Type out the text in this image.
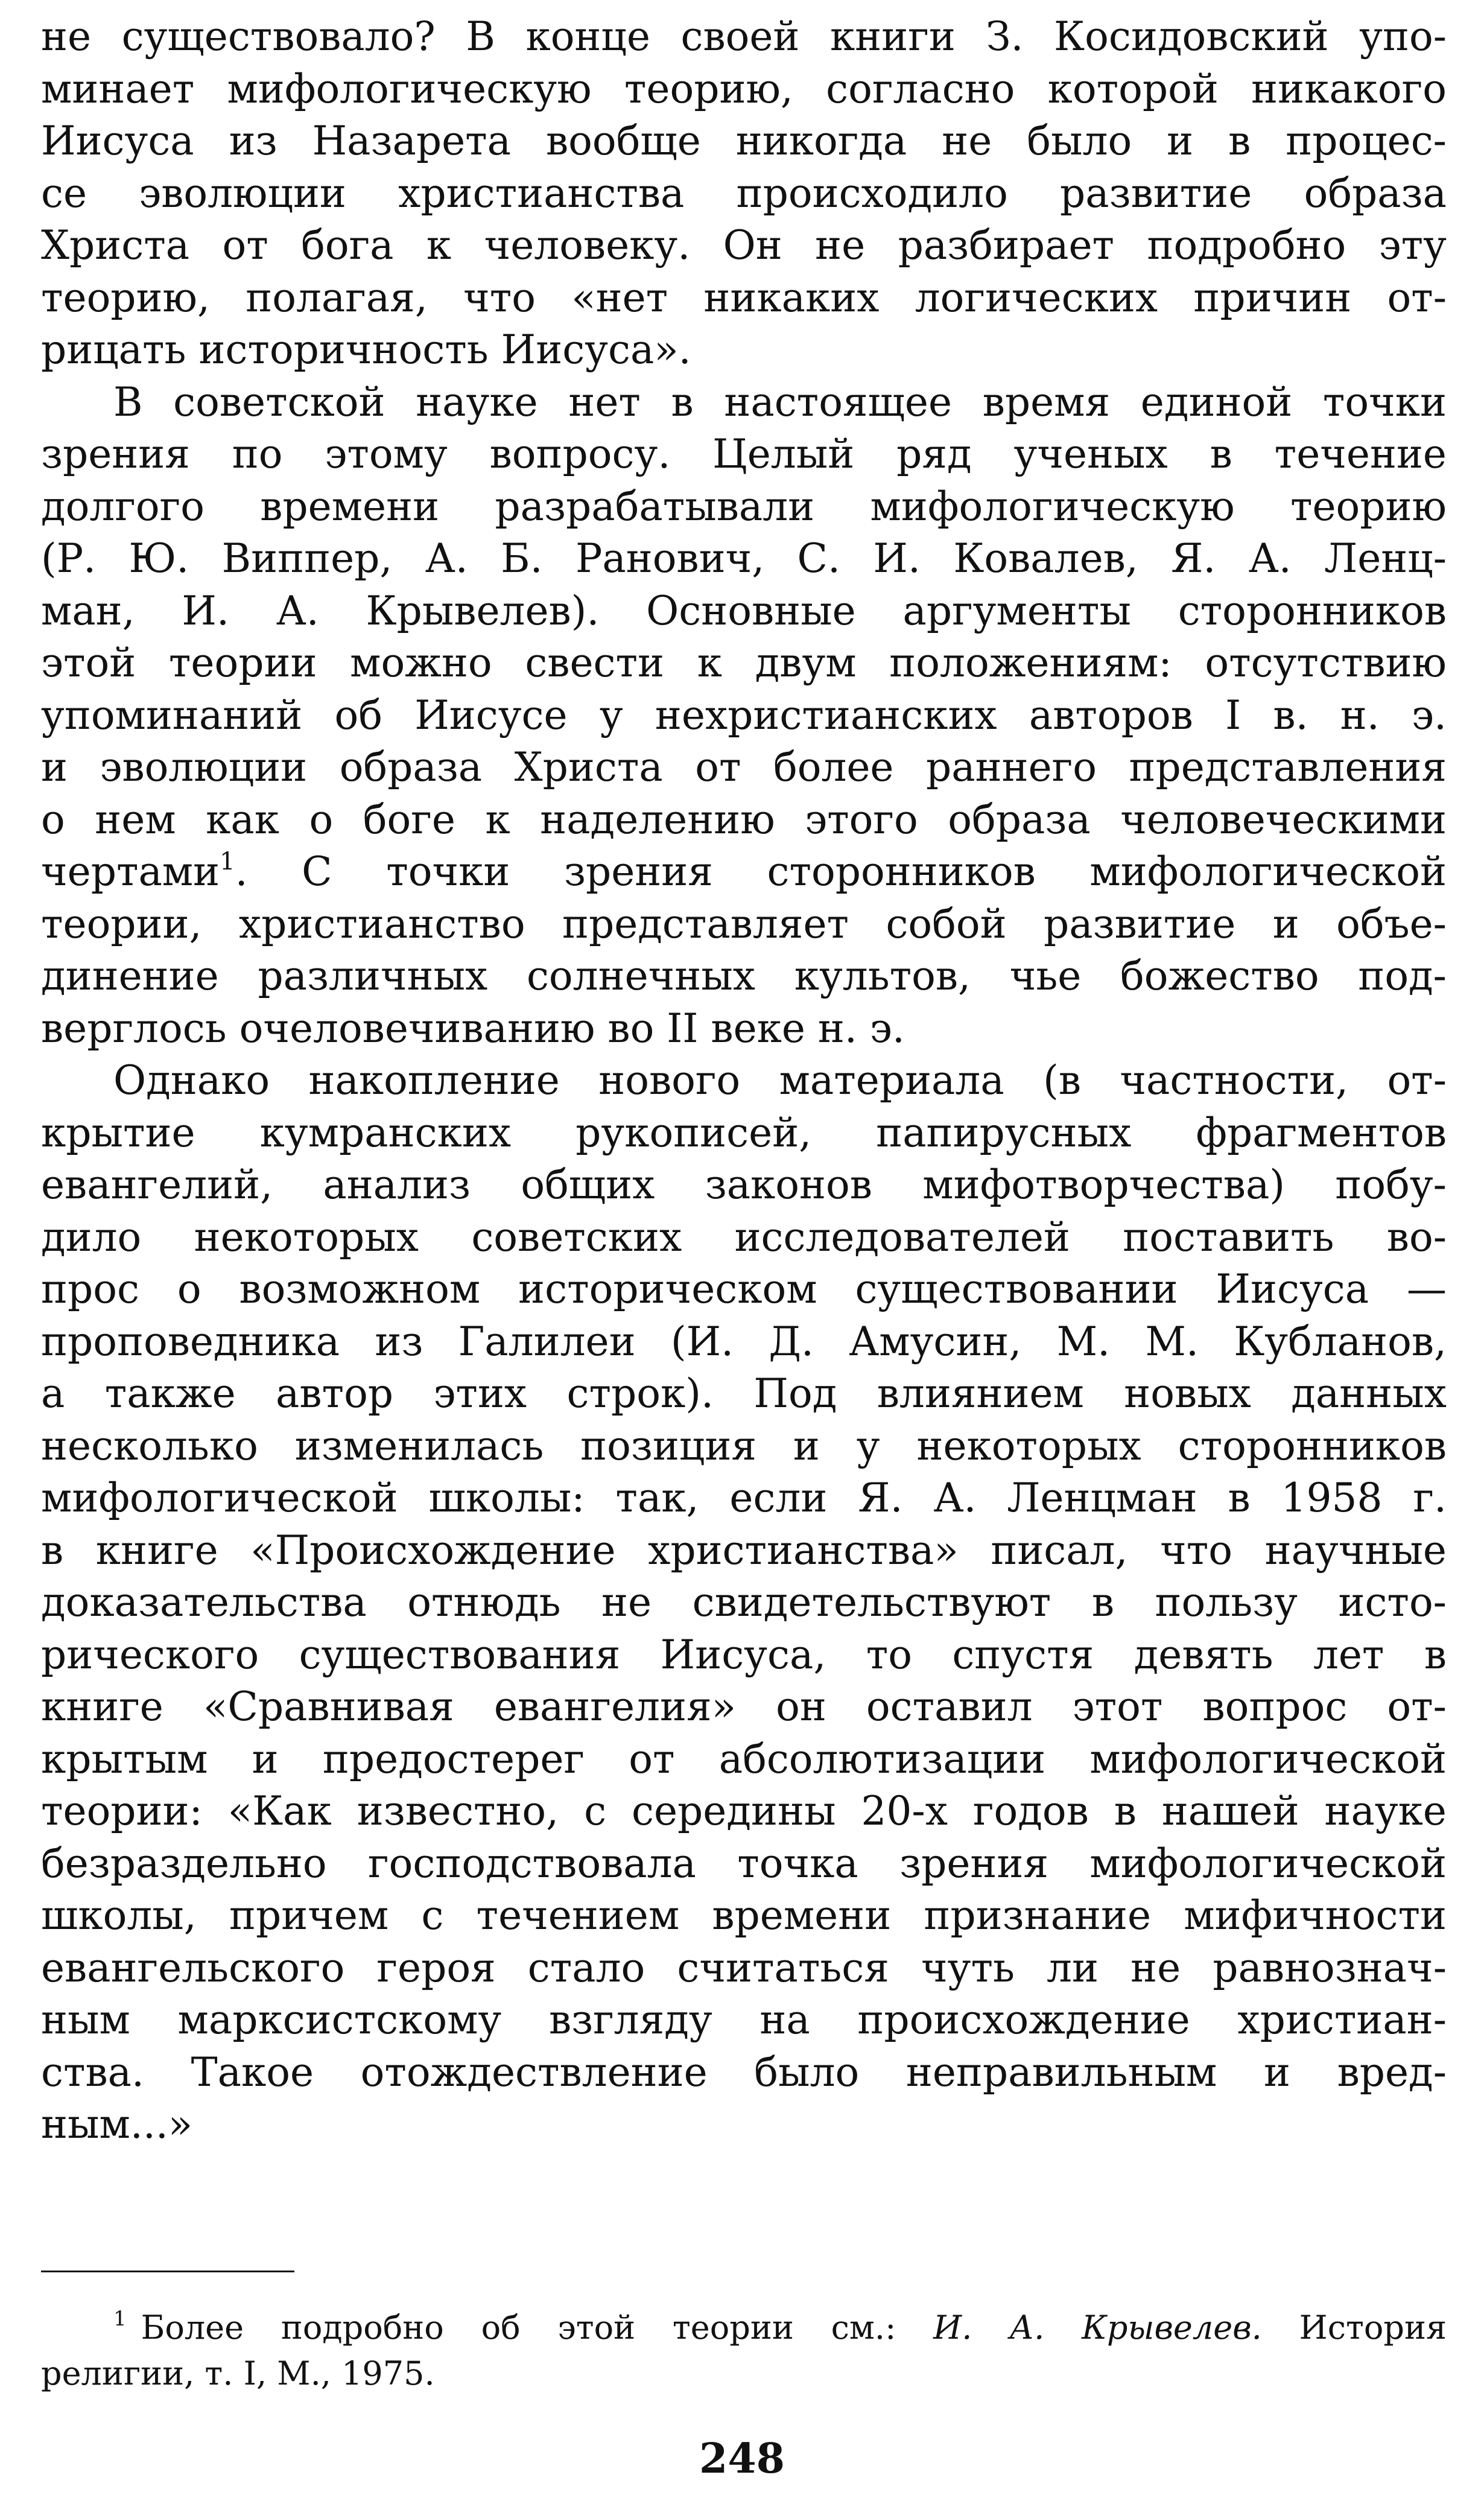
не существовало? В конце своей книги З. Косидовский упо-
минает мифологическую теорию, согласно которой никакого
Иисуса из Назарета вообще никогда не было и в процес-
се эволюции христианства происходило развитие образа
Христа от бога к человеку. Он не разбирает подробно эту
теорию, полагая, что «нет никаких логических причин от-
рицать историчность Иисуса».
В советской науке нет в настоящее время единой точки
зрения по этому вопросу. Целый ряд ученых в течение
долгого времени разрабатывали мифологическую теорию
(Р. Ю. Виппер, А. Б. Ранович, С. И. Ковалев, Я. А. Ленц-
ман, И. А. Крывелев). Основные аргументы сторонников
этой теории можно свести к двум положениям: отсутствию
упоминаний об Иисусе у нехристианских авторов I в. н. э.
и эволюции образа Христа от более раннего представления
о нем как о боге к наделению этого образа человеческими
чертами$^1$. С точки зрения сторонников мифологической
теории, христианство представляет собой развитие и объе-
динение различных солнечных культов, чье божество под-
верглось очеловечиванию во II веке н. э.
Однако накопление нового материала (в частности, от-
крытие кумранских рукописей, папирусных фрагментов
евангелий, анализ общих законов мифотворчества) побу-
дило некоторых советских исследователей поставить во-
прос о возможном историческом существовании Иисуса —
проповедника из Галилеи (И. Д. Амусин, М. М. Кубланов,
а также автор этих строк). Под влиянием новых данных
несколько изменилась позиция и у некоторых сторонников
мифологической школы: так, если Я. А. Ленцман в 1958 г.
в книге «Происхождение христианства» писал, что научные
доказательства отнюдь не свидетельствуют в пользу исто-
рического существования Иисуса, то спустя девять лет в
книге «Сравнивая евангелия» он оставил этот вопрос от-
крытым и предостерег от абсолютизации мифологической
теории: «Как известно, с середины 20-х годов в нашей науке
безраздельно господствовала точка зрения мифологической
школы, причем с течением времени признание мифичности
евангельского героя стало считаться чуть ли не равнознач-
ным марксистскому взгляду на происхождение христиан-
ства. Такое отождествление было неправильным и вред-
ным...»
$^1$ Более подробно об этой теории см.: И. А. Крывелев. История
религии, т. I, М., 1975.
248
